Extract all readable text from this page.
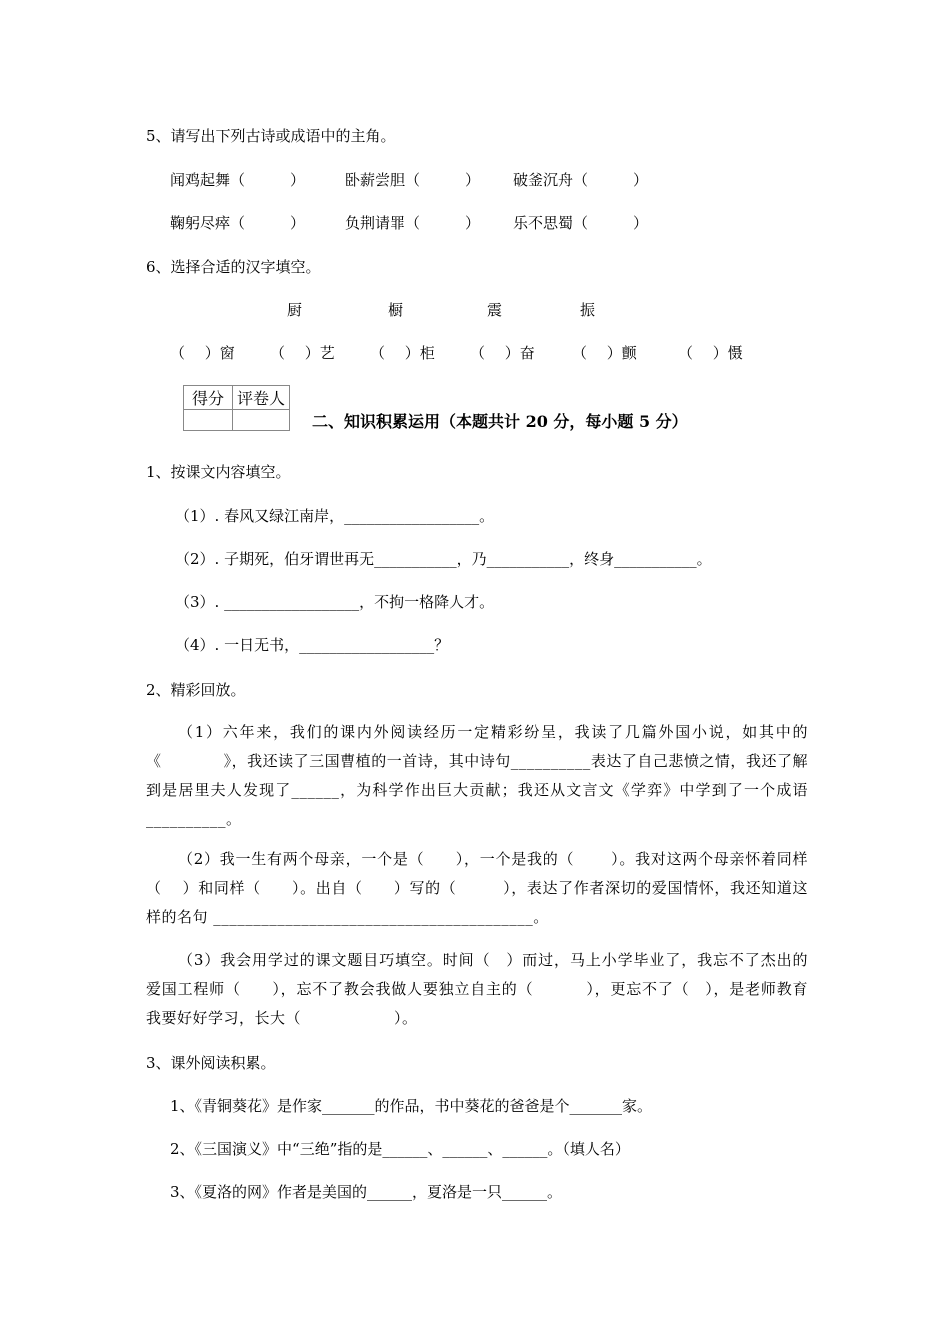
5、请写出下列古诗或成语中的主角。
闻鸡起舞（　　　）	卧薪尝胆（　　　） 破釜沉舟（　　　）
鞠躬尽瘁（　　　）	负荆请罪（　　　） 乐不思蜀（　　　）
6、选择合适的汉字填空。
厨	橱	震	振
（　 ）窗 （　 ）艺 （　 ）柜 （　 ）奋 （　 ）颤	（　 ）慑
得分	评卷人

二、知识积累运用（本题共计 20 分，每小题 5 分）
1、按课文内容填空。
（1）. 春风又绿江南岸，__________________。
（2）. 子期死，伯牙谓世再无___________，乃___________，终身___________。
（3）. __________________，不拘一格降人才。
（4）. 一日无书，__________________？
2、精彩回放。
（1）六年来，我们的课内外阅读经历一定精彩纷呈，我读了几篇外国小说，如其中的《　　　　》，我还读了三国曹植的一首诗，其中诗句__________表达了自己悲愤之情，我还了解到是居里夫人发现了______，为科学作出巨大贡献；我还从文言文《学弈》中学到了一个成语__________。
（2）我一生有两个母亲，一个是（　　），一个是我的（　　 ）。我对这两个母亲怀着同样（　 ）和同样（　　）。出自（　　）写的（　　　），表达了作者深切的爱国情怀，我还知道这样的名句 ________________________________________。
（3）我会用学过的课文题目巧填空。时间（　）而过，马上小学毕业了，我忘不了杰出的爱国工程师（　　），忘不了教会我做人要独立自主的（　　　 ），更忘不了（　），是老师教育我要好好学习，长大（　　　　　　）。
3、课外阅读积累。
1、《青铜葵花》是作家_______的作品，书中葵花的爸爸是个_______家。
2、《三国演义》中“三绝”指的是______、______、______。（填人名）
3、《夏洛的网》作者是美国的______，夏洛是一只______。
